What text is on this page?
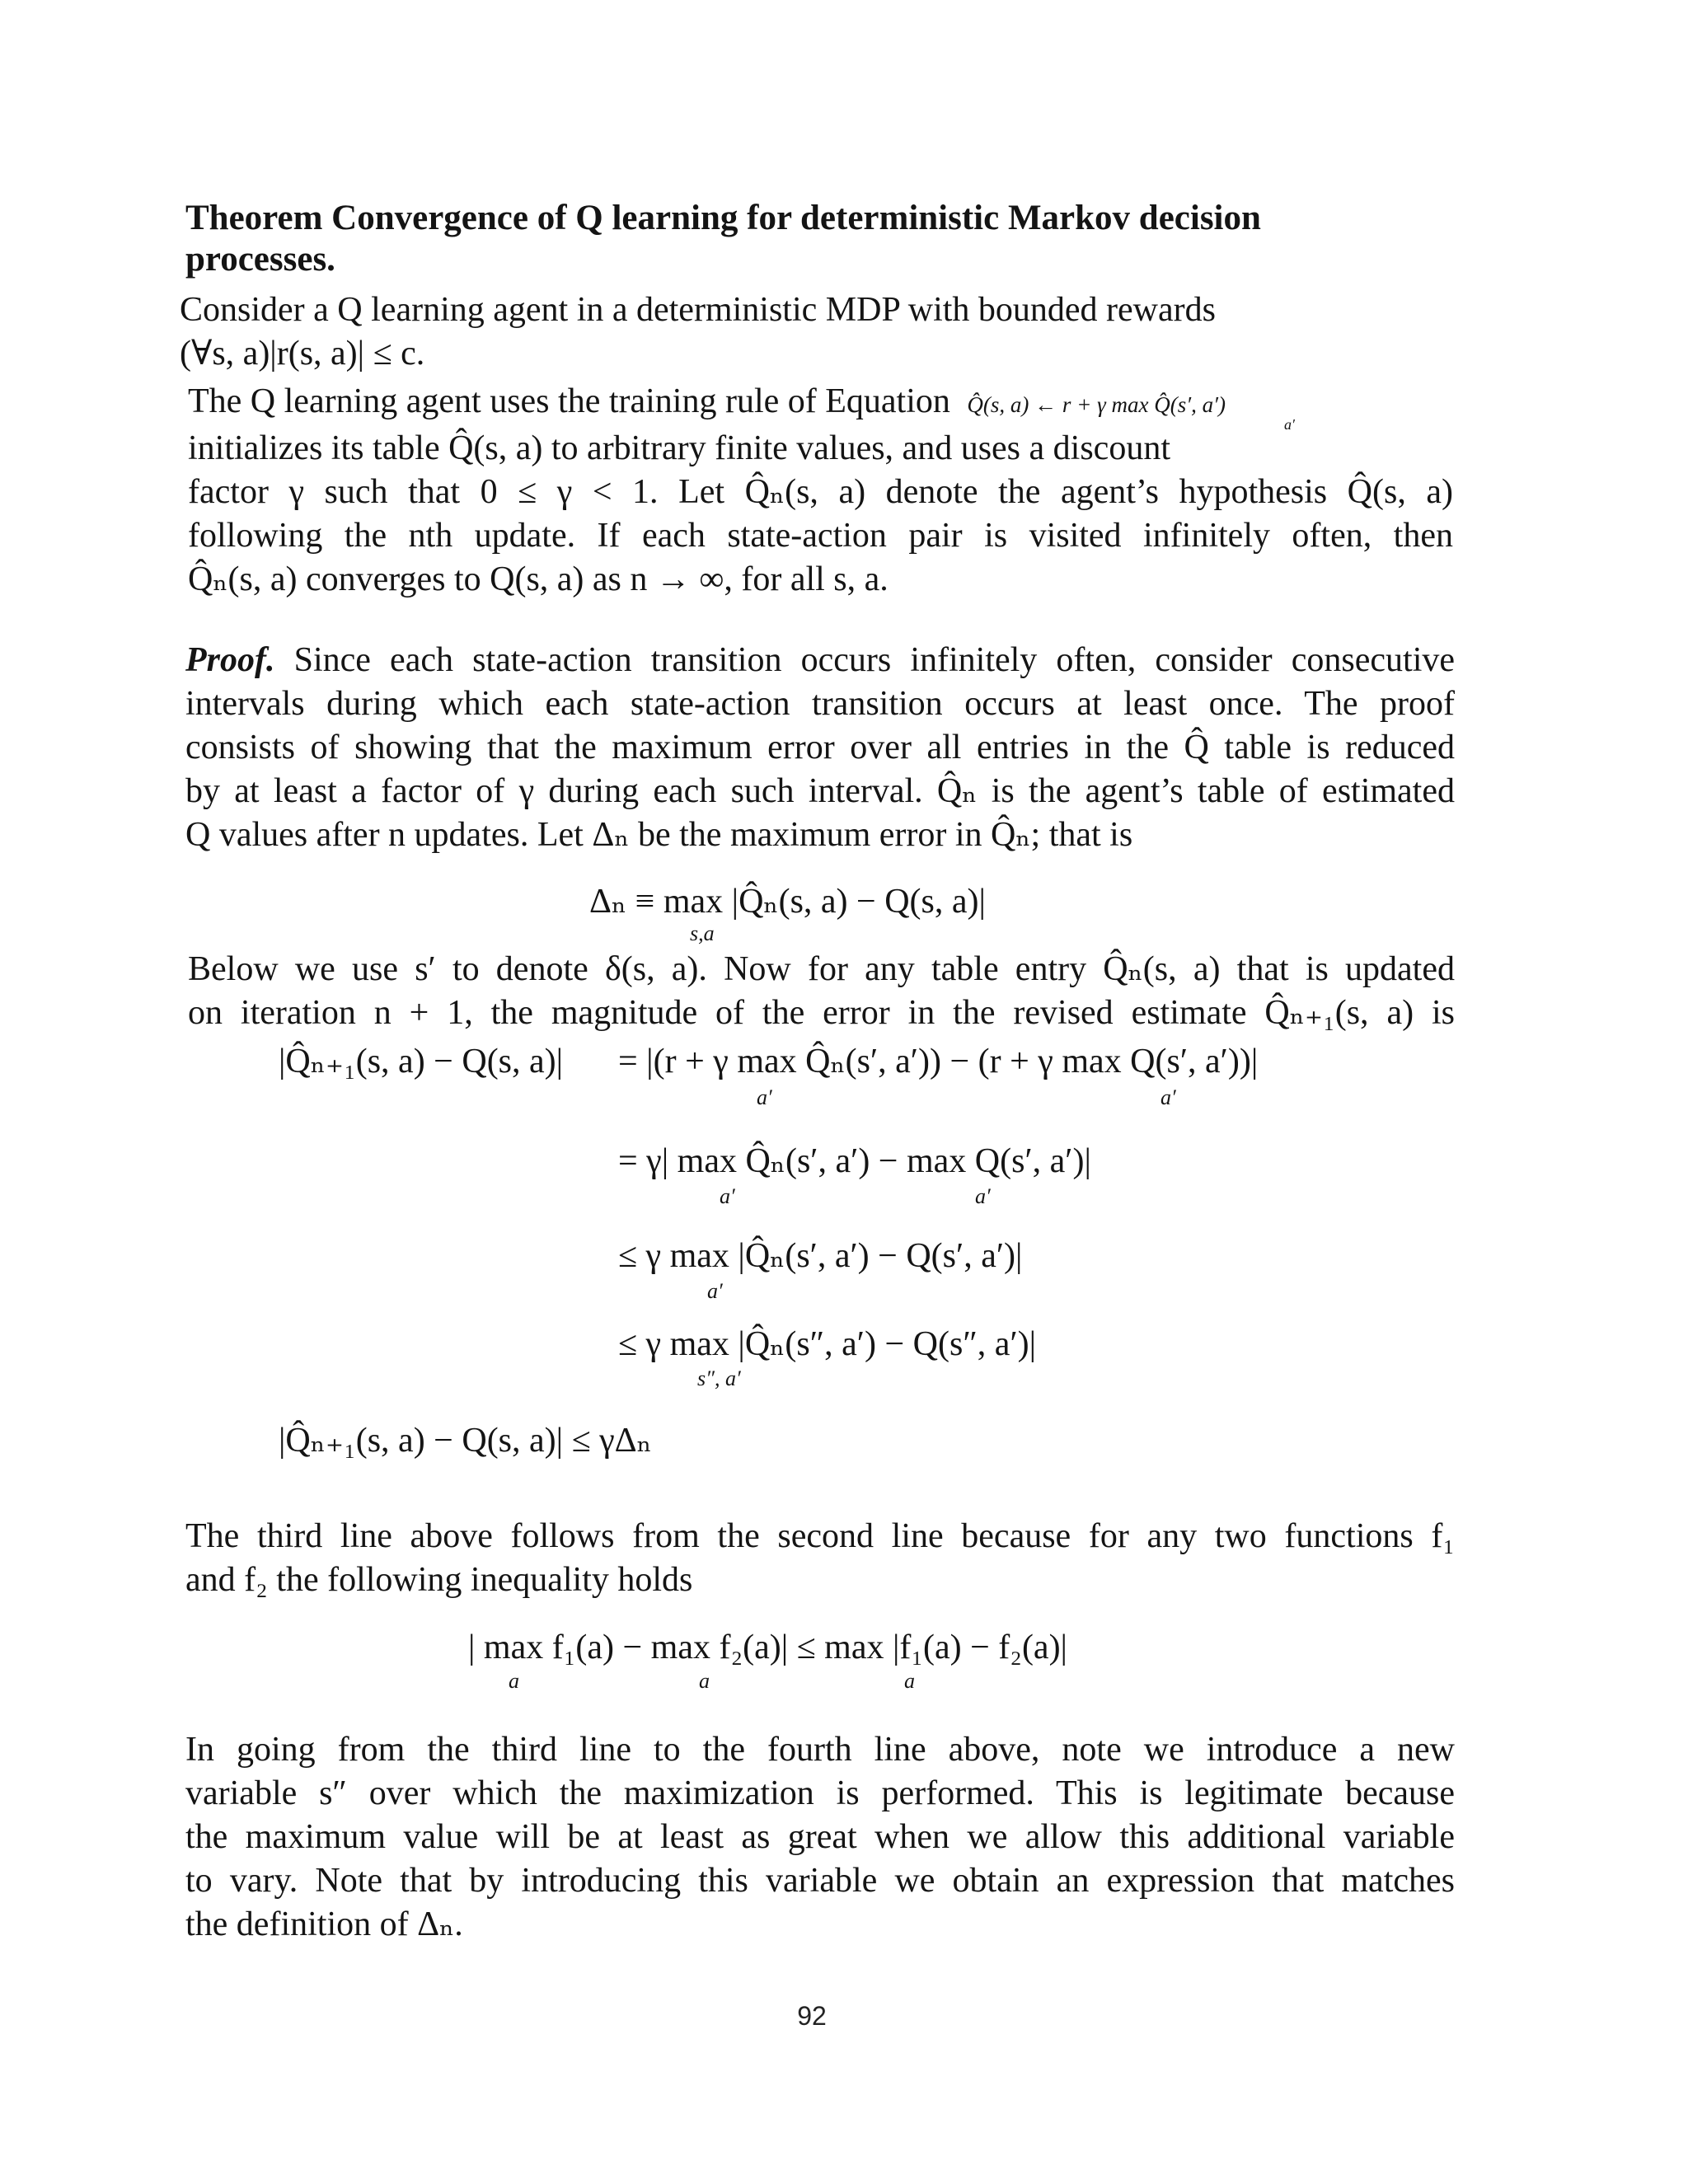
Theorem Convergence of Q learning for deterministic Markov decision
processes.
Consider a Q learning agent in a deterministic MDP with bounded rewards
(∀s, a)|r(s, a)| ≤ c.
The Q learning agent uses the training rule of Equation Q̂(s, a) ← r + γ max Q̂(s′, a′)
initializes its table Q̂(s, a) to arbitrary finite values, and uses a discount
factor γ such that 0 ≤ γ < 1. Let Q̂ₙ(s, a) denote the agent’s hypothesis Q̂(s, a)
following the nth update. If each state-action pair is visited infinitely often, then
Q̂ₙ(s, a) converges to Q(s, a) as n → ∞, for all s, a.
a′
Proof. Since each state-action transition occurs infinitely often, consider consecutive
intervals during which each state-action transition occurs at least once. The proof
consists of showing that the maximum error over all entries in the Q̂ table is reduced
by at least a factor of γ during each such interval. Q̂ₙ is the agent’s table of estimated
Q values after n updates. Let Δₙ be the maximum error in Q̂ₙ; that is
Δₙ ≡ max |Q̂ₙ(s, a) − Q(s, a)|
s,a
Below we use s′ to denote δ(s, a). Now for any table entry Q̂ₙ(s, a) that is updated
on iteration n + 1, the magnitude of the error in the revised estimate Q̂ₙ₊₁(s, a) is
|Q̂ₙ₊₁(s, a) − Q(s, a)| = |(r + γ max Q̂ₙ(s′, a′)) − (r + γ max Q(s′, a′))|
a′	a′
= γ| max Q̂ₙ(s′, a′) − max Q(s′, a′)|
a′	a′
≤ γ max |Q̂ₙ(s′, a′) − Q(s′, a′)|
a′
≤ γ max |Q̂ₙ(s″, a′) − Q(s″, a′)|
s″, a′
|Q̂ₙ₊₁(s, a) − Q(s, a)| ≤ γΔₙ
The third line above follows from the second line because for any two functions f₁
and f₂ the following inequality holds
| max f₁(a) − max f₂(a)| ≤ max |f₁(a) − f₂(a)|
a	a	a
In going from the third line to the fourth line above, note we introduce a new
variable s″ over which the maximization is performed. This is legitimate because
the maximum value will be at least as great when we allow this additional variable
to vary. Note that by introducing this variable we obtain an expression that matches
the definition of Δₙ.
92
